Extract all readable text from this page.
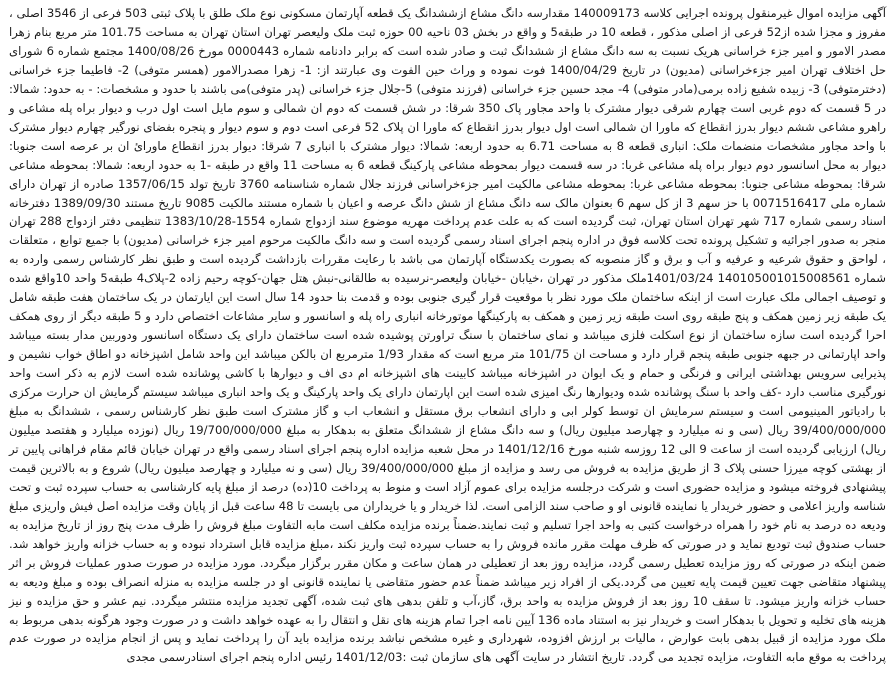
آگهی مزایده اموال غیرمنقول پرونده اجرایی کلاسه 140009173 مقدارسه دانگ مشاع ازششدانگ یک قطعه آپارتمان مسکونی نوع ملک طلق با پلاک ثبتی 503 فرعی از 3546 اصلی ، مفروز و مجزا شده از52 فرعی از اصلی مذکور ، قطعه 10 در طبقه5 و واقع در بخش 03 ناحیه 00 حوزه ثبت ملک ولیعصر تهران استان تهران به مساحت 101.75 متر مربع بنام زهرا مصدر الامور و امیر جزء خراسانی هریک نسبت به سه دانگ مشاع از ششدانگ ثبت و صادر شده است که برابر دادنامه شماره 0000443 مورخ 1400/08/26 مجتمع شماره 6 شورای حل اختلاف تهران امیر جزءخراسانی (مدیون) در تاریخ 1400/04/29 فوت نموده و وراث حین الفوت وی عبارتند از: 1- زهرا مصدرالامور (همسر متوفی) 2- فاطیما جزء خراسانی (دخترمتوفی) 3- زبیده شفیع زاده برمی(مادر متوفی) 4- مجد حسین جزء خراسانی (فرزند متوفی) 5-جلال جزء خراسانی (پدر متوفی)می باشند با حدود و مشخصات: - به حدود: شمالا: در 5 قسمت که دوم غربی است چهارم شرقی دیوار مشترک با واحد مجاور پاک 350 شرقا: در شش قسمت که دوم ان شمالی و سوم مایل است اول درب و دیوار براه پله مشاعی و راهرو مشاعی ششم دیوار بدرز انقطاع که ماورا ان شمالی است اول دیوار بدرز انقطاع که ماورا ان پلاک 52 فرعی است دوم و سوم دیوار و پنجره بفضای نورگیر چهارم دیوار مشترک با واحد مجاور مشخصات منضمات ملک: انباری قطعه 8 به مساحت 6.71 به حدود اربعه: شمالا: دیوار مشترک با انباری 7 شرقا: دیوار بدرز انقطاع ماورائ ان بر عرصه است جنوبا: دیوار به محل اسانسور دوم دیوار براه پله مشاعی غربا: در سه قسمت دیوار بمحوطه مشاعی پارکینگ قطعه 6 به مساحت 11 واقع در طبقه -1 به حدود اربعه: شمالا: بمحوطه مشاعی شرقا: بمحوطه مشاعی جنوبا: بمحوطه مشاعی غربا: بمحوطه مشاعی مالکیت امیر جزءخراسانی فرزند جلال شماره شناسنامه 3760 تاریخ تولد 1357/06/15 صادره از تهران دارای شماره ملی 0071516417 با حز سهم 3 از کل سهم 6 بعنوان مالک سه دانگ مشاع از شش دانگ عرصه و اعیان با شماره مستند مالکیت 9085 تاریخ مستند 1389/09/30 دفترخانه اسناد رسمی شماره 717 شهر تهران استان تهران، ثبت گردیده است که به علت عدم پرداخت مهریه موضوع سند ازدواج شماره 1554-1383/10/28 تنظیمی دفتر ازدواج 288 تهران منجر به صدور اجرائیه و تشکیل پرونده تحت کلاسه فوق در اداره پنجم اجرای اسناد رسمی گردیده است و سه دانگ مالکیت مرحوم امیر جزء خراسانی (مدیون) با جمیع توابع ، متعلقات ، لواحق و حقوق شرعیه و عرفیه و آب و برق و گاز منصوبه که بصورت یکدستگاه آپارتمان می باشد با رعایت مقررات بازداشت گردیده است و طبق نظر کارشناس رسمی وارده به شماره 140105001015008561 1401/03/24ملک مذکور در تهران ،خیابان -خیابان ولیعصر-نرسیده به طالقانی-نبش هتل جهان-کوچه رحیم زاده 2-پلاک4 طبقه5 واحد 10واقع شده و توصیف اجمالی ملک عبارت است از اینکه ساختمان ملک مورد نظر با موقعیت قرار گیری جنوبی بوده و قدمت بنا حدود 14 سال است این ایارتمان در یک ساختمان هفت طبقه شامل یک طبقه زیر زمین همکف و پنج طبقه روی است طبقه زیر زمین و همکف به پارکینگها موتورخانه انباری راه پله و اسانسور و سایر مشاعات اختصاص دارد و 5 طبقه دیگر از روی همکف احرا گردیده است سازه ساختمان از نوع اسکلت فلزی میباشد و نمای ساختمان با سنگ تراورتن پوشیده شده است ساختمان دارای یک دستگاه اسانسور ودوربین مدار بسته میباشد واحد اپارتمانی در جبهه جنوبی طبقه پنجم قرار دارد و مساحت ان 101/75 متر مربع است که مقدار 1/93 مترمربع ان بالکن میباشد این واحد شامل اشپزخانه دو اطاق خواب نشیمن و پذیرایی سرویس بهداشتی ایرانی و فرنگی و حمام و یک ایوان در اشپزخانه میباشد کابینت های اشپزخانه ام دی اف و دیوارها با کاشی پوشانده شده است لازم به ذکر است واحد نورگیری مناسب دارد -کف واحد با سنگ پوشانده شده ودیوارها رنگ امیزی شده است این اپارتمان دارای یک واحد پارکینگ و یک واحد انباری میباشد سیستم گرمایش ان حرارت مرکزی با رادیاتور المینیومی است و سیستم سرمایش ان توسط کولر ابی و دارای انشعاب برق مستقل و انشعاب اب و گاز مشترک است طبق نظر کارشناس رسمی ، ششدانگ به مبلغ 39/400/000/000 ریال (سی و نه میلیارد و چهارصد میلیون ریال) و سه دانگ مشاع از ششدانگ متعلق به بدهکار به مبلغ 19/700/000/000 ریال (نوزده میلیارد و هفتصد میلیون ریال) ارزیابی گردیده است از ساعت 9 الی 12 روزسه شنبه مورخ 1401/12/16 در محل شعبه مزایده اداره پنجم اجرای اسناد رسمی واقع در تهران خیابان قائم مقام فراهانی پایین تر از بهشتی کوچه میرزا حسنی پلاک 3 از طریق مزایده به فروش می رسد و مزایده از مبلغ 39/400/000/000 ریال (سی و نه میلیارد و چهارصد میلیون ریال) شروع و به بالاترین قیمت پیشنهادی فروخته میشود و مزایده حضوری است و شرکت درجلسه مزایده برای عموم آزاد است و منوط به پرداخت 10(ده) درصد از مبلغ پایه کارشناسی به حساب سپرده ثبت و تحت شناسه واریز اعلامی و حضور خریدار یا نماینده قانونی او و صاحب سند الزامی است. لذا خریدار و یا خریداران می بایست تا 48 ساعت قبل از پایان وقت مزایده اصل فیش واریزی مبلغ ودیعه ده درصد به نام خود را همراه درخواست کتبی به واحد اجرا تسلیم و ثبت نمایند.ضمناً برنده مزایده مکلف است مابه التفاوت مبلغ فروش را ظرف مدت پنج روز از تاریخ مزایده به حساب صندوق ثبت تودیع نماید و در صورتی که ظرف مهلت مقرر مانده فروش را به حساب سپرده ثبت واریز نکند ،مبلغ مزایده قابل استرداد نبوده و به حساب خزانه واریز خواهد شد. ضمن اینکه در صورتی که روز مزایده تعطیل رسمی گردد، مزایده روز بعد از تعطیلی در همان ساعت و مکان مقرر برگزار میگردد. مورد مزایده در صورت صدور عملیات فروش بر اثر پیشنهاد متقاضی جهت تعیین قیمت پایه تعیین می گردد.یکی از افراد زیر میباشد ضمناً عدم حضور متقاضی یا نماینده قانونی او در جلسه مزایده به منزله انصراف بوده و مبلغ ودیعه به حساب خزانه واریز میشود. تا سقف 10 روز بعد از فروش مزایده به واحد برق، گاز،آب و تلفن بدهی های ثبت شده، آگهی تجدید مزایده منتشر میگردد. نیم عشر و حق مزایده و نیز هزینه های تخلیه و تحویل با بدهکار است و خریدار نیز به استناد ماده 136 آیین نامه اجرا تمام هزینه های نقل و انتقال را به عهده خواهد داشت و در صورت وجود هرگونه بدهی مربوط به ملک مورد مزایده از قبیل بدهی بابت عوارض ، مالیات بر ارزش افزوده، شهرداری و غیره مشخص نباشد برنده مزایده باید آن را پرداخت نماید و پس از انجام مزایده در صورت عدم پرداخت به موقع مابه التفاوت، مزایده تجدید می گردد. تاریخ انتشار در سایت آگهی های سازمان ثبت :1401/12/03 رئیس اداره پنجم اجرای اسنادرسمی مجدی
